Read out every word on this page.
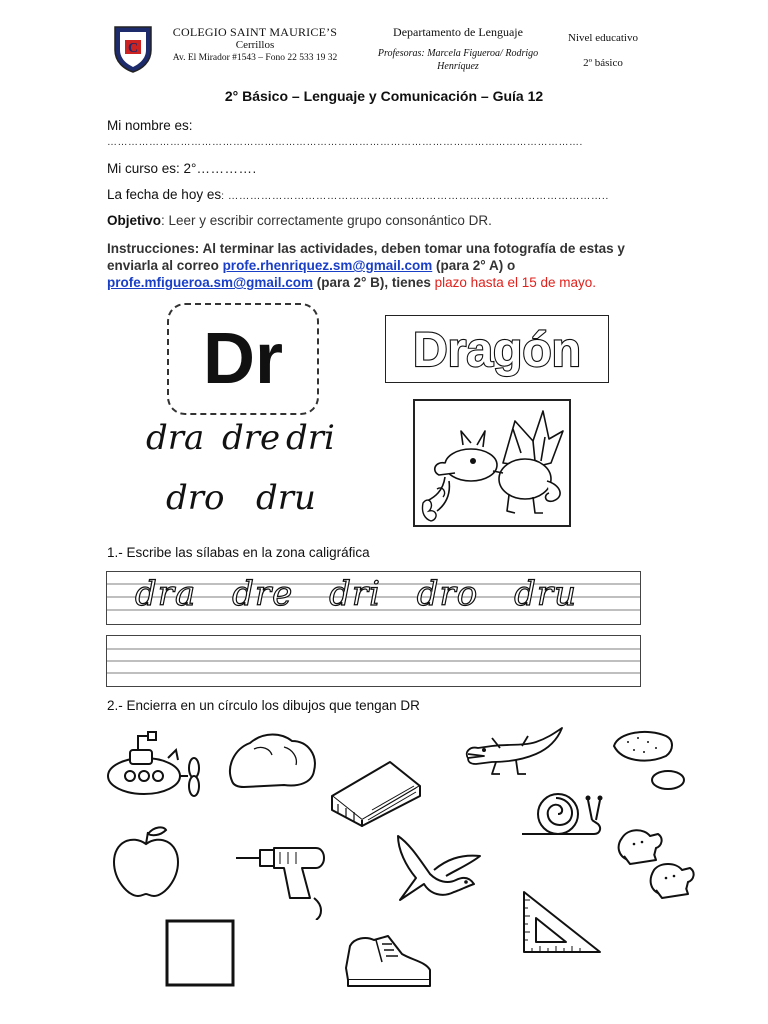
C
COLEGIO SAINT MAURICE’S
Cerrillos
Av. El Mirador #1543 – Fono 22 533 19 32
Departamento de Lenguaje
Profesoras: Marcela Figueroa/ Rodrigo Henríquez
Nivel educativo
2º básico
2° Básico – Lenguaje y Comunicación – Guía 12
Mi nombre es:
……………………………………………………………………………………………………………………….
Mi curso es: 2°………….
La fecha de hoy es: …………………………………………………………………………………………..
Objetivo: Leer y escribir correctamente grupo consonántico DR.
Instrucciones: Al terminar las actividades, deben tomar una fotografía de estas y enviarla al correo profe.rhenriquez.sm@gmail.com (para 2° A) o profe.mfigueroa.sm@gmail.com (para 2° B), tienes plazo hasta el 15 de mayo.
Dr	Dragón
dra dre dri
dro dru
1.- Escribe las sílabas en la zona caligráfica
dra dre dri dro dru
2.- Encierra en un círculo los dibujos que tengan DR
